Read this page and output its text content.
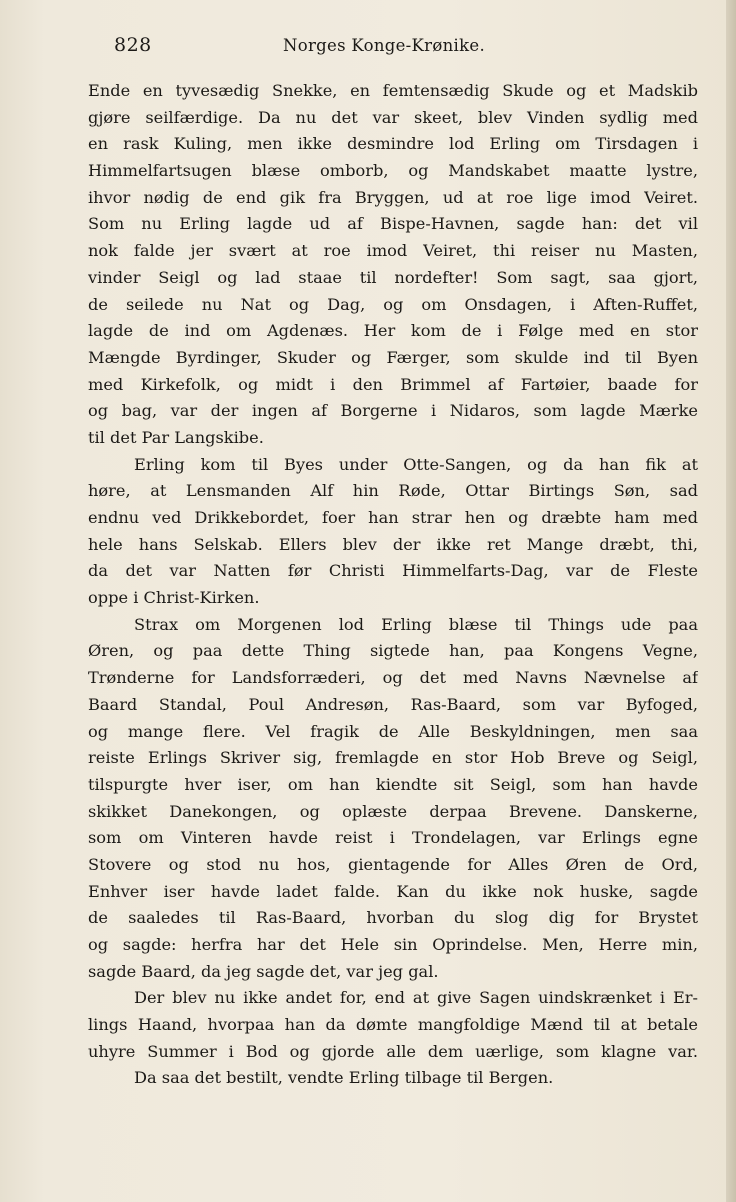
828	Norges Konge-Krønike.
Ende en tyvesædig Snekke, en femtensædig Skude og et Madskib
gjøre seilfærdige. Da nu det var skeet, blev Vinden sydlig med
en rask Kuling, men ikke desmindre lod Erling om Tirsdagen i
Himmelfartsugen blæse omborb, og Mandskabet maatte lystre,
ihvor nødig de end gik fra Bryggen, ud at roe lige imod Veiret.
Som nu Erling lagde ud af Bispe-Havnen, sagde han: det vil
nok falde jer svært at roe imod Veiret, thi reiser nu Masten,
vinder Seigl og lad staae til nordefter! Som sagt, saa gjort,
de seilede nu Nat og Dag, og om Onsdagen, i Aften-Ruffet,
lagde de ind om Agdenæs. Her kom de i Følge med en stor
Mængde Byrdinger, Skuder og Færger, som skulde ind til Byen
med Kirkefolk, og midt i den Brimmel af Fartøier, baade for
og bag, var der ingen af Borgerne i Nidaros, som lagde Mærke
til det Par Langskibe.
Erling kom til Byes under Otte-Sangen, og da han fik at
høre, at Lensmanden Alf hin Røde, Ottar Birtings Søn, sad
endnu ved Drikkebordet, foer han strar hen og dræbte ham med
hele hans Selskab. Ellers blev der ikke ret Mange dræbt, thi,
da det var Natten før Christi Himmelfarts-Dag, var de Fleste
oppe i Christ-Kirken.
Strax om Morgenen lod Erling blæse til Things ude paa
Øren, og paa dette Thing sigtede han, paa Kongens Vegne,
Trønderne for Landsforræderi, og det med Navns Nævnelse af
Baard Standal, Poul Andresøn, Ras-Baard, som var Byfoged,
og mange flere. Vel fragik de Alle Beskyldningen, men saa
reiste Erlings Skriver sig, fremlagde en stor Hob Breve og Seigl,
tilspurgte hver iser, om han kiendte sit Seigl, som han havde
skikket Danekongen, og oplæste derpaa Brevene. Danskerne,
som om Vinteren havde reist i Trondelagen, var Erlings egne
Stovere og stod nu hos, gientagende for Alles Øren de Ord,
Enhver iser havde ladet falde. Kan du ikke nok huske, sagde
de saaledes til Ras-Baard, hvorban du slog dig for Brystet
og sagde: herfra har det Hele sin Oprindelse. Men, Herre min,
sagde Baard, da jeg sagde det, var jeg gal.
Der blev nu ikke andet for, end at give Sagen uindskrænket i Er-
lings Haand, hvorpaa han da dømte mangfoldige Mænd til at betale
uhyre Summer i Bod og gjorde alle dem uærlige, som klagne var.
Da saa det bestilt, vendte Erling tilbage til Bergen.
